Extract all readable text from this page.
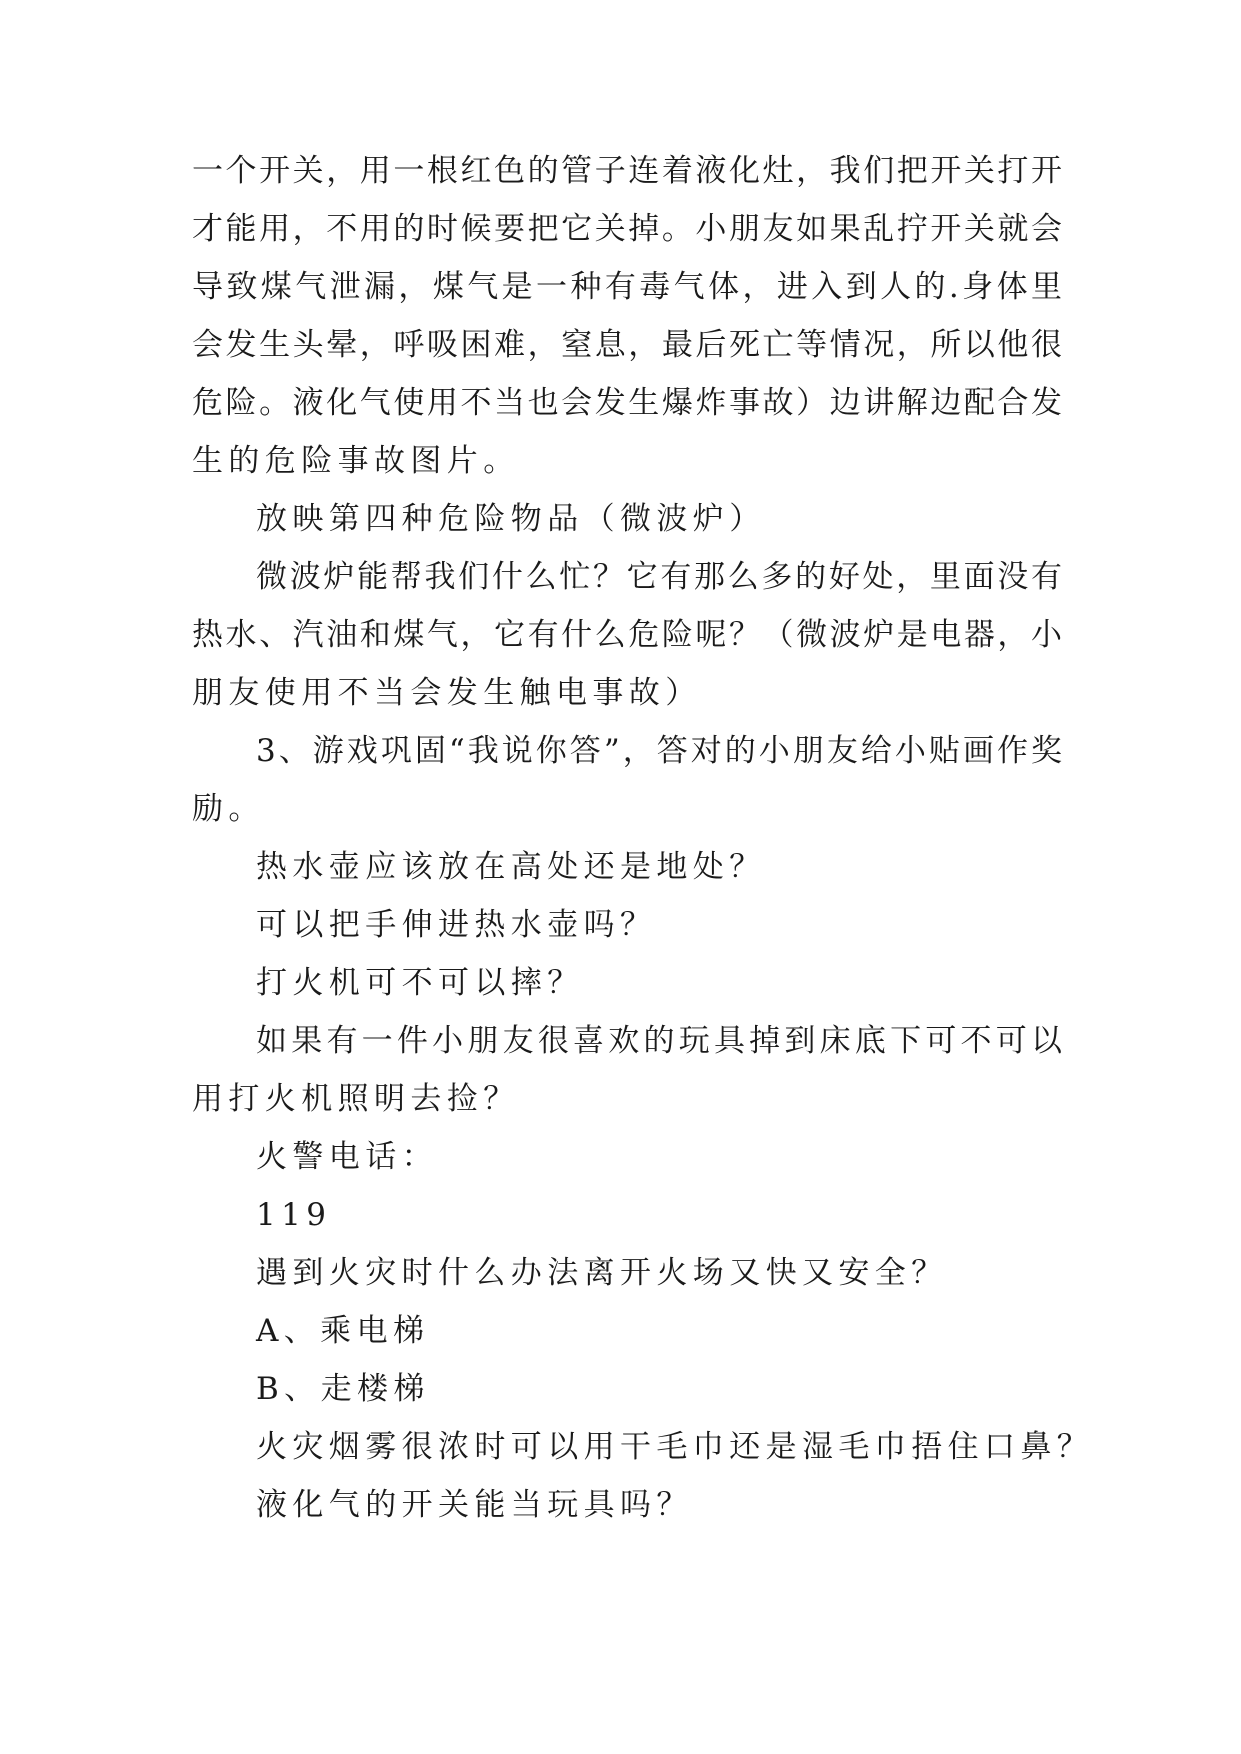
一个开关，用一根红色的管子连着液化灶，我们把开关打开
才能用，不用的时候要把它关掉。小朋友如果乱拧开关就会
导致煤气泄漏，煤气是一种有毒气体，进入到人的.身体里
会发生头晕，呼吸困难，窒息，最后死亡等情况，所以他很
危险。液化气使用不当也会发生爆炸事故）边讲解边配合发
生的危险事故图片。
放映第四种危险物品（微波炉）
微波炉能帮我们什么忙？它有那么多的好处，里面没有
热水、汽油和煤气，它有什么危险呢？（微波炉是电器，小
朋友使用不当会发生触电事故）
3、游戏巩固“我说你答”，答对的小朋友给小贴画作奖
励。
热水壶应该放在高处还是地处？
可以把手伸进热水壶吗？
打火机可不可以摔？
如果有一件小朋友很喜欢的玩具掉到床底下可不可以
用打火机照明去捡？
火警电话：
119
遇到火灾时什么办法离开火场又快又安全？
A、乘电梯
B、走楼梯
火灾烟雾很浓时可以用干毛巾还是湿毛巾捂住口鼻？
液化气的开关能当玩具吗？
